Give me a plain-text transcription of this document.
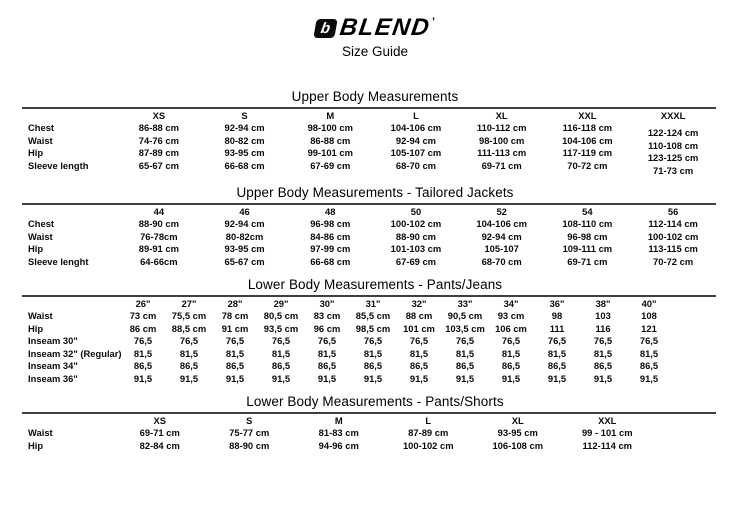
b BLEND ’
Size Guide
Upper Body Measurements
	XS	S	M	L	XL	XXL	XXXL
Chest	86-88 cm	92-94 cm	98-100 cm	104-106 cm	110-112 cm	116-118 cm	122-124 cm
Waist	74-76 cm	80-82 cm	86-88 cm	92-94 cm	98-100 cm	104-106 cm	110-108 cm
Hip	87-89 cm	93-95 cm	99-101 cm	105-107 cm	111-113 cm	117-119 cm	123-125 cm
Sleeve length	65-67 cm	66-68 cm	67-69 cm	68-70 cm	69-71 cm	70-72 cm	71-73 cm
Upper Body Measurements - Tailored Jackets
	44	46	48	50	52	54	56
Chest	88-90 cm	92-94 cm	96-98 cm	100-102 cm	104-106 cm	108-110 cm	112-114 cm
Waist	76-78cm	80-82cm	84-86 cm	88-90 cm	92-94 cm	96-98 cm	100-102 cm
Hip	89-91 cm	93-95 cm	97-99 cm	101-103 cm	105-107	109-111 cm	113-115 cm
Sleeve lenght	64-66cm	65-67 cm	66-68 cm	67-69 cm	68-70 cm	69-71 cm	70-72 cm
Lower Body Measurements - Pants/Jeans
	26"	27"	28"	29"	30"	31"	32"	33"	34"	36"	38"	40"
Waist	73 cm	75,5 cm	78 cm	80,5 cm	83 cm	85,5 cm	88 cm	90,5 cm	93 cm	98	103	108
Hip	86 cm	88,5 cm	91 cm	93,5 cm	96 cm	98,5 cm	101 cm	103,5 cm	106 cm	111	116	121
Inseam 30"	76,5	76,5	76,5	76,5	76,5	76,5	76,5	76,5	76,5	76,5	76,5	76,5
Inseam 32" (Regular)	81,5	81,5	81,5	81,5	81,5	81,5	81,5	81,5	81,5	81,5	81,5	81,5
Inseam 34"	86,5	86,5	86,5	86,5	86,5	86,5	86,5	86,5	86,5	86,5	86,5	86,5
Inseam 36"	91,5	91,5	91,5	91,5	91,5	91,5	91,5	91,5	91,5	91,5	91,5	91,5
Lower Body Measurements - Pants/Shorts
	XS	S	M	L	XL	XXL
Waist	69-71 cm	75-77 cm	81-83 cm	87-89 cm	93-95 cm	99 - 101 cm
Hip	82-84 cm	88-90 cm	94-96 cm	100-102 cm	106-108 cm	112-114 cm
